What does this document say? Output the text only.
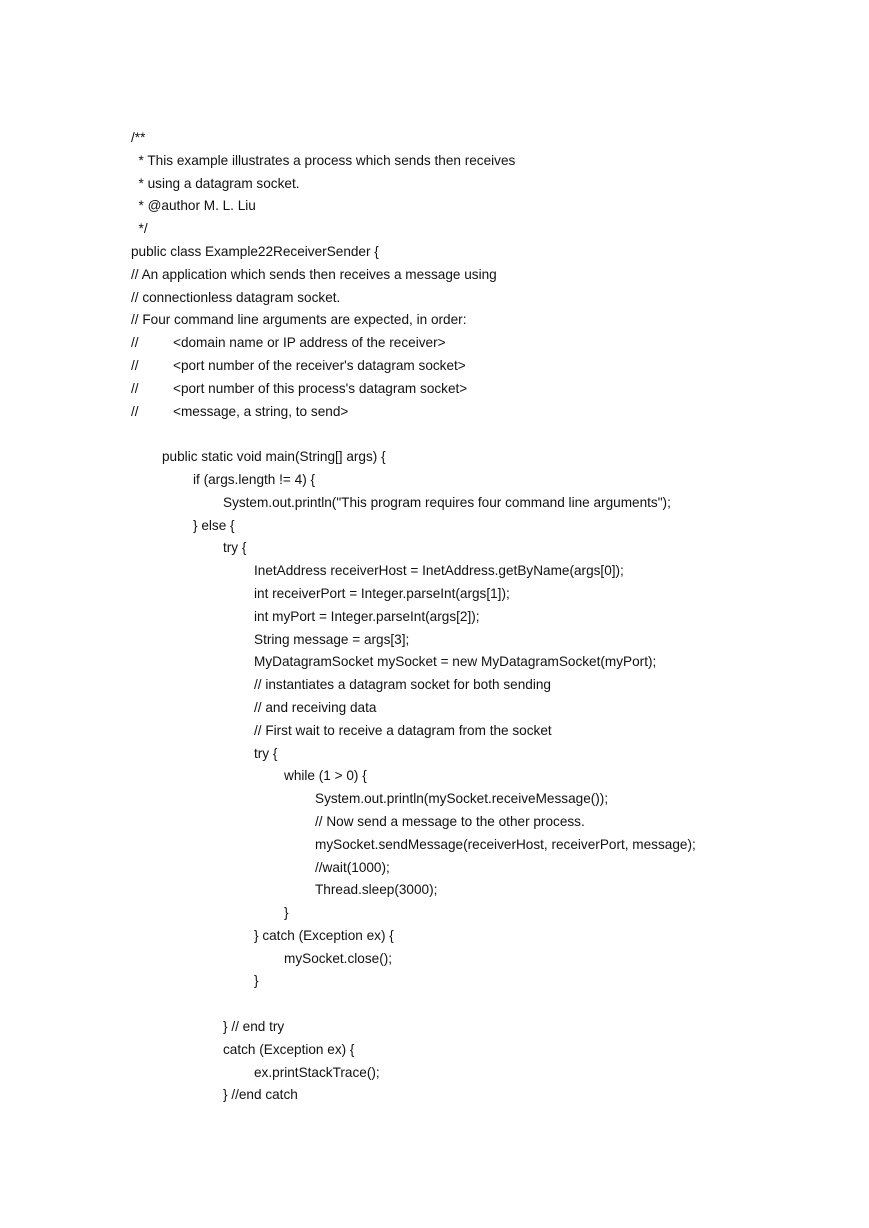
/**
* This example illustrates a process which sends then receives
* using a datagram socket.
* @author M. L. Liu
*/
public class Example22ReceiverSender {
// An application which sends then receives a message using
// connectionless datagram socket.
// Four command line arguments are expected, in order:
//	<domain name or IP address of the receiver>
//	<port number of the receiver's datagram socket>
//	<port number of this process's datagram socket>
//	<message, a string, to send>
public static void main(String[] args) {
if (args.length != 4) {
System.out.println("This program requires four command line arguments");
} else {
try {
InetAddress receiverHost = InetAddress.getByName(args[0]);
int receiverPort = Integer.parseInt(args[1]);
int myPort = Integer.parseInt(args[2]);
String message = args[3];
MyDatagramSocket mySocket = new MyDatagramSocket(myPort);
// instantiates a datagram socket for both sending
// and receiving data
// First wait to receive a datagram from the socket
try {
while (1 > 0) {
System.out.println(mySocket.receiveMessage());
// Now send a message to the other process.
mySocket.sendMessage(receiverHost, receiverPort, message);
//wait(1000);
Thread.sleep(3000);
}
} catch (Exception ex) {
mySocket.close();
}
} // end try
catch (Exception ex) {
ex.printStackTrace();
} //end catch
